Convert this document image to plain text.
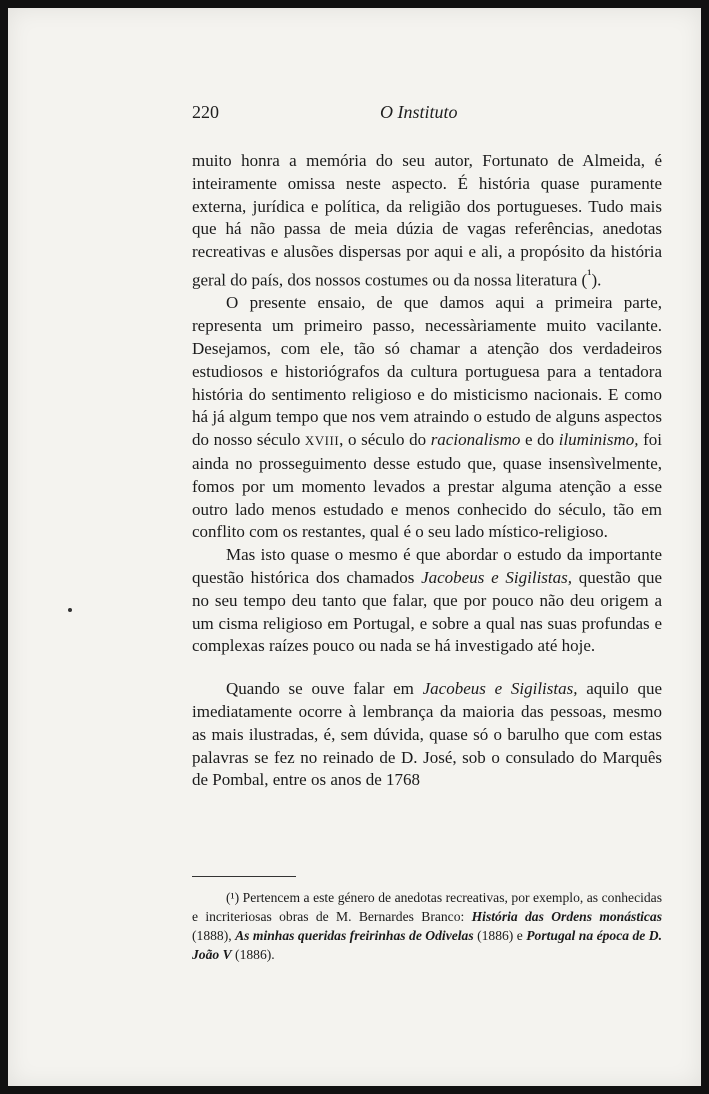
220	O Instituto

muito honra a memória do seu autor, Fortunato de Almeida, é inteiramente omissa neste aspecto. É história quase puramente externa, jurídica e política, da religião dos portugueses. Tudo mais que há não passa de meia dúzia de vagas referências, anedotas recreativas e alusões dispersas por aqui e ali, a propósito da história geral do país, dos nossos costumes ou da nossa literatura ($^{^1}$).

O presente ensaio, de que damos aqui a primeira parte, representa um primeiro passo, necessàriamente muito vacilante. Desejamos, com ele, tão só chamar a atenção dos verdadeiros estudiosos e historiógrafos da cultura portuguesa para a tentadora história do sentimento religioso e do misticismo nacionais. E como há já algum tempo que nos vem atraindo o estudo de alguns aspectos do nosso século XVIII, o século do racionalismo e do iluminismo, foi ainda no prosseguimento desse estudo que, quase insensìvelmente, fomos por um momento levados a prestar alguma atenção a esse outro lado menos estudado e menos conhecido do século, tão em conflito com os restantes, qual é o seu lado místico-religioso.

Mas isto quase o mesmo é que abordar o estudo da importante questão histórica dos chamados Jacobeus e Sigilistas, questão que no seu tempo deu tanto que falar, que por pouco não deu origem a um cisma religioso em Portugal, e sobre a qual nas suas profundas e complexas raízes pouco ou nada se há investigado até hoje.

Quando se ouve falar em Jacobeus e Sigilistas, aquilo que imediatamente ocorre à lembrança da maioria das pessoas, mesmo as mais ilustradas, é, sem dúvida, quase só o barulho que com estas palavras se fez no reinado de D. José, sob o consulado do Marquês de Pombal, entre os anos de 1768

(¹) Pertencem a este género de anedotas recreativas, por exemplo, as conhecidas e incriteriosas obras de M. Bernardes Branco: História das Ordens monásticas (1888), As minhas queridas freirinhas de Odivelas (1886) e Portugal na época de D. João V (1886).
